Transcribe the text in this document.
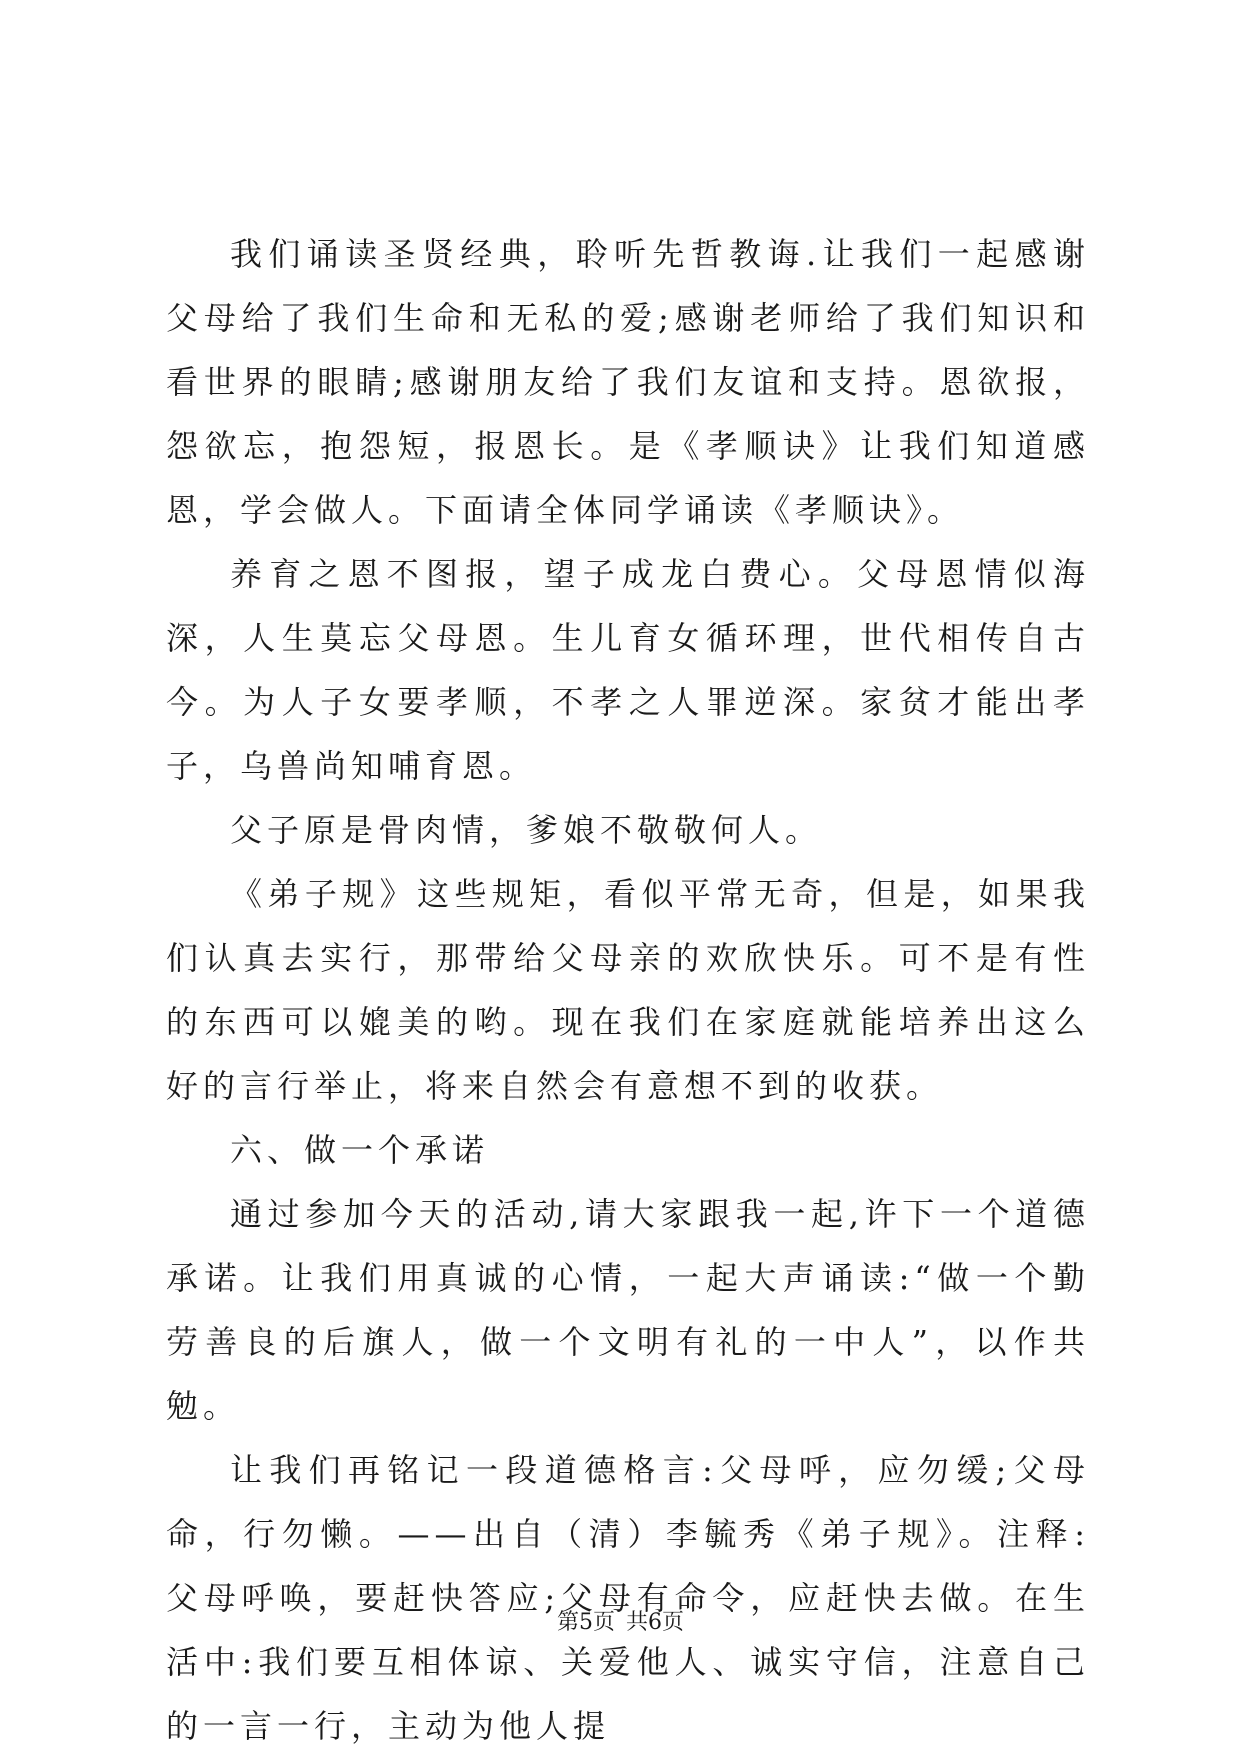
我们诵读圣贤经典，聆听先哲教诲.让我们一起感谢父母给了我们生命和无私的爱;感谢老师给了我们知识和看世界的眼睛;感谢朋友给了我们友谊和支持。恩欲报，怨欲忘，抱怨短，报恩长。是《孝顺诀》让我们知道感恩，学会做人。下面请全体同学诵读《孝顺诀》。

养育之恩不图报，望子成龙白费心。父母恩情似海深，人生莫忘父母恩。生儿育女循环理，世代相传自古今。为人子女要孝顺，不孝之人罪逆深。家贫才能出孝子，乌兽尚知哺育恩。

父子原是骨肉情，爹娘不敬敬何人。

《弟子规》这些规矩，看似平常无奇，但是，如果我们认真去实行，那带给父母亲的欢欣快乐。可不是有性的东西可以媲美的哟。现在我们在家庭就能培养出这么好的言行举止，将来自然会有意想不到的收获。

六、做一个承诺

通过参加今天的活动,请大家跟我一起,许下一个道德承诺。让我们用真诚的心情，一起大声诵读:“做一个勤劳善良的后旗人，做一个文明有礼的一中人”，以作共勉。

让我们再铭记一段道德格言:父母呼，应勿缓;父母命，行勿懒。——出自（清）李毓秀《弟子规》。注释:父母呼唤，要赶快答应;父母有命令，应赶快去做。在生活中:我们要互相体谅、关爱他人、诚实守信，注意自己的一言一行，主动为他人提

第5页 共6页
